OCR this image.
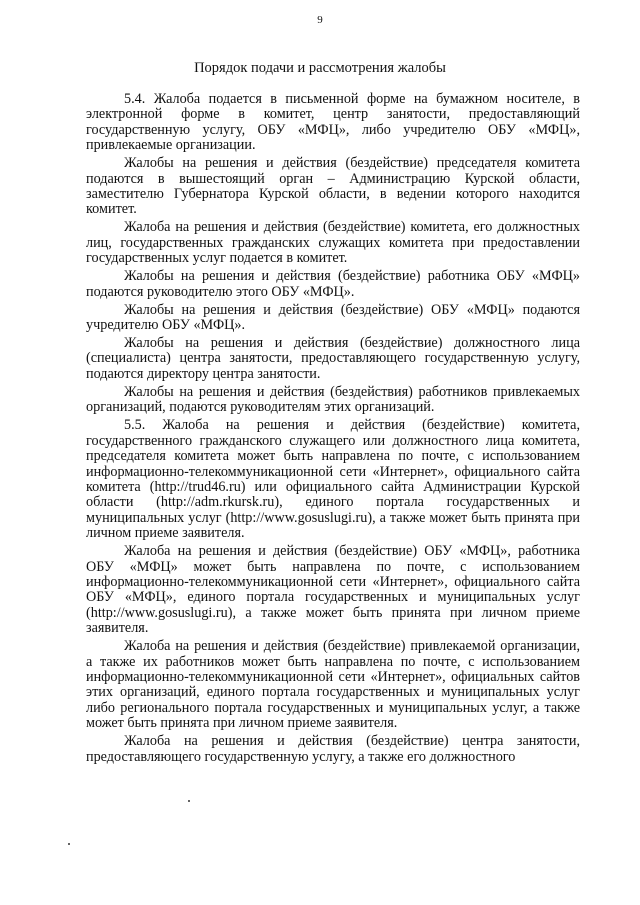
9
Порядок подачи и рассмотрения жалобы

5.4. Жалоба подается в письменной форме на бумажном носителе, в электронной форме в комитет, центр занятости, предоставляющий государственную услугу, ОБУ «МФЦ», либо учредителю ОБУ «МФЦ», привлекаемые организации.

Жалобы на решения и действия (бездействие) председателя комитета подаются в вышестоящий орган – Администрацию Курской области, заместителю Губернатора Курской области, в ведении которого находится комитет.

Жалоба на решения и действия (бездействие) комитета, его должностных лиц, государственных гражданских служащих комитета при предоставлении государственных услуг подается в комитет.

Жалобы на решения и действия (бездействие) работника ОБУ «МФЦ» подаются руководителю этого ОБУ «МФЦ».

Жалобы на решения и действия (бездействие) ОБУ «МФЦ» подаются учредителю ОБУ «МФЦ».

Жалобы на решения и действия (бездействие) должностного лица (специалиста) центра занятости, предоставляющего государственную услугу, подаются директору центра занятости.

Жалобы на решения и действия (бездействия) работников привлекаемых организаций, подаются руководителям этих организаций.

5.5. Жалоба на решения и действия (бездействие) комитета, государственного гражданского служащего или должностного лица комитета, председателя комитета может быть направлена по почте, с использованием информационно-телекоммуникационной сети «Интернет», официального сайта комитета (http://trud46.ru) или официального сайта Администрации Курской области (http://adm.rkursk.ru), единого портала государственных и муниципальных услуг (http://www.gosuslugi.ru), а также может быть принята при личном приеме заявителя.

Жалоба на решения и действия (бездействие) ОБУ «МФЦ», работника ОБУ «МФЦ» может быть направлена по почте, с использованием информационно-телекоммуникационной сети «Интернет», официального сайта ОБУ «МФЦ», единого портала государственных и муниципальных услуг (http://www.gosuslugi.ru), а также может быть принята при личном приеме заявителя.

Жалоба на решения и действия (бездействие) привлекаемой организации, а также их работников может быть направлена по почте, с использованием информационно-телекоммуникационной сети «Интернет», официальных сайтов этих организаций, единого портала государственных и муниципальных услуг либо регионального портала государственных и муниципальных услуг, а также может быть принята при личном приеме заявителя.

Жалоба на решения и действия (бездействие) центра занятости, предоставляющего государственную услугу, а также его должностного
